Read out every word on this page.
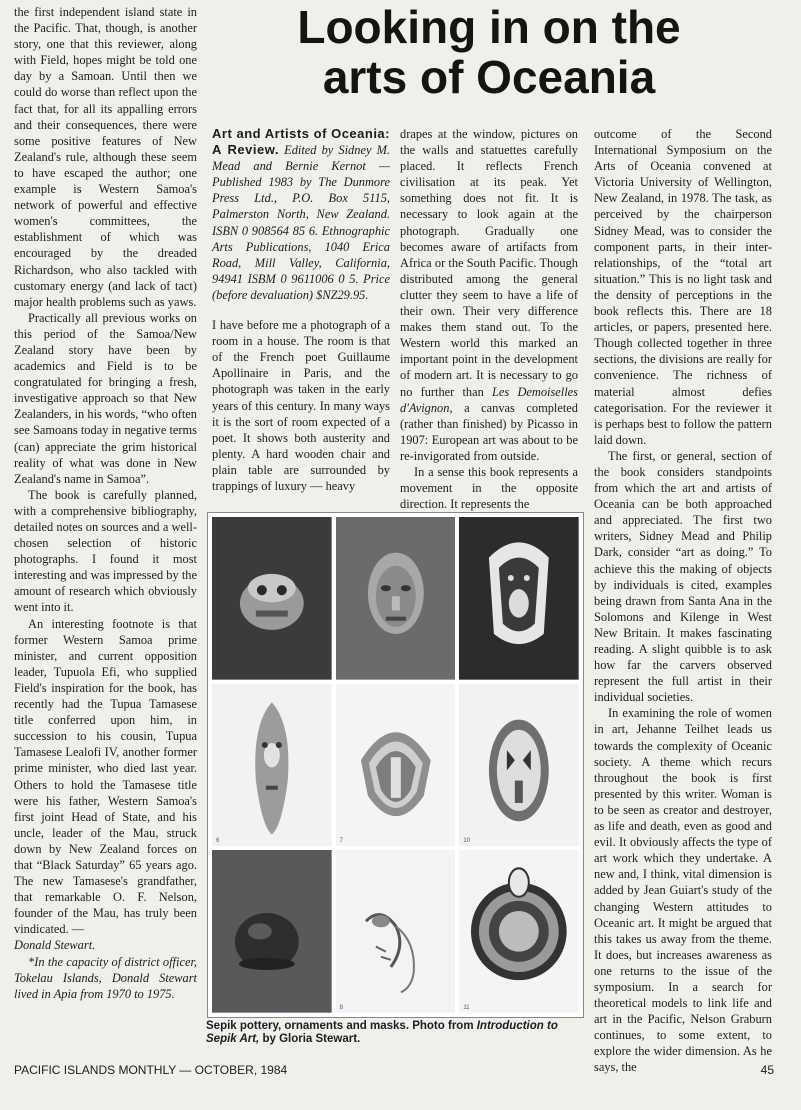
Looking in on the
arts of Oceania

the first independent island state in the Pacific. That, though, is another story, one that this reviewer, along with Field, hopes might be told one day by a Samoan. Until then we could do worse than reflect upon the fact that, for all its appalling errors and their consequences, there were some positive features of New Zealand's rule, although these seem to have escaped the author; one example is Western Samoa's network of powerful and effective women's committees, the establishment of which was encouraged by the dreaded Richardson, who also tackled with customary energy (and lack of tact) major health problems such as yaws.

Practically all previous works on this period of the Samoa/New Zealand story have been by academics and Field is to be congratulated for bringing a fresh, investigative approach so that New Zealanders, in his words, “who often see Samoans today in negative terms (can) appreciate the grim historical reality of what was done in New Zealand's name in Samoa”.

The book is carefully planned, with a comprehensive bibliography, detailed notes on sources and a well-chosen selection of historic photographs. I found it most interesting and was impressed by the amount of research which obviously went into it.

An interesting footnote is that former Western Samoa prime minister, and current opposition leader, Tupuola Efi, who supplied Field's inspiration for the book, has recently had the Tupua Tamasese title conferred upon him, in succession to his cousin, Tupua Tamasese Lealofi IV, another former prime minister, who died last year. Others to hold the Tamasese title were his father, Western Samoa's first joint Head of State, and his uncle, leader of the Mau, struck down by New Zealand forces on that “Black Saturday” 65 years ago. The new Tamasese's grandfather, that remarkable O. F. Nelson, founder of the Mau, has truly been vindicated. —

Donald Stewart.

*In the capacity of district officer, Tokelau Islands, Donald Stewart lived in Apia from 1970 to 1975.

Art and Artists of Oceania: A Review. Edited by Sidney M. Mead and Bernie Kernot — Published 1983 by The Dunmore Press Ltd., P.O. Box 5115, Palmerston North, New Zealand. ISBN 0 908564 85 6. Ethnographic Arts Publications, 1040 Erica Road, Mill Valley, California, 94941 ISBM 0 9611006 0 5. Price (before devaluation) $NZ29.95.

I have before me a photograph of a room in a house. The room is that of the French poet Guillaume Apollinaire in Paris, and the photograph was taken in the early years of this century. In many ways it is the sort of room expected of a poet. It shows both austerity and plenty. A hard wooden chair and plain table are surrounded by trappings of luxury — heavy

drapes at the window, pictures on the walls and statuettes carefully placed. It reflects French civilisation at its peak. Yet something does not fit. It is necessary to look again at the photograph. Gradually one becomes aware of artifacts from Africa or the South Pacific. Though distributed among the general clutter they seem to have a life of their own. Their very difference makes them stand out. To the Western world this marked an important point in the development of modern art. It is necessary to go no further than Les Demoiselles d'Avignon, a canvas completed (rather than finished) by Picasso in 1907: European art was about to be re-invigorated from outside.

In a sense this book represents a movement in the opposite direction. It represents the

outcome of the Second International Symposium on the Arts of Oceania convened at Victoria University of Wellington, New Zealand, in 1978. The task, as perceived by the chairperson Sidney Mead, was to consider the component parts, in their inter-relationships, of the “total art situation.” This is no light task and the density of perceptions in the book reflects this. There are 18 articles, or papers, presented here. Though collected together in three sections, the divisions are really for convenience. The richness of material almost defies categorisation. For the reviewer it is perhaps best to follow the pattern laid down.

The first, or general, section of the book considers standpoints from which the art and artists of Oceania can be both approached and appreciated. The first two writers, Sidney Mead and Philip Dark, consider “art as doing.” To achieve this the making of objects by individuals is cited, examples being drawn from Santa Ana in the Solomons and Kilenge in West New Britain. It makes fascinating reading. A slight quibble is to ask how far the carvers observed represent the full artist in their individual societies.

In examining the role of women in art, Jehanne Teilhet leads us towards the complexity of Oceanic society. A theme which recurs throughout the book is first presented by this writer. Woman is to be seen as creator and destroyer, as life and death, even as good and evil. It obviously affects the type of art work which they undertake. A new and, I think, vital dimension is added by Jean Guiart's study of the changing Western attitudes to Oceanic art. It might be argued that this takes us away from the theme. It does, but increases awareness as one returns to the issue of the symposium. In a search for theoretical models to link life and art in the Pacific, Nelson Graburn continues, to some extent, to explore the wider dimension. As he says, the

6	7	10
8	11
Sepik pottery, ornaments and masks. Photo from Introduction to Sepik Art, by Gloria Stewart.
PACIFIC ISLANDS MONTHLY — OCTOBER, 1984	45
